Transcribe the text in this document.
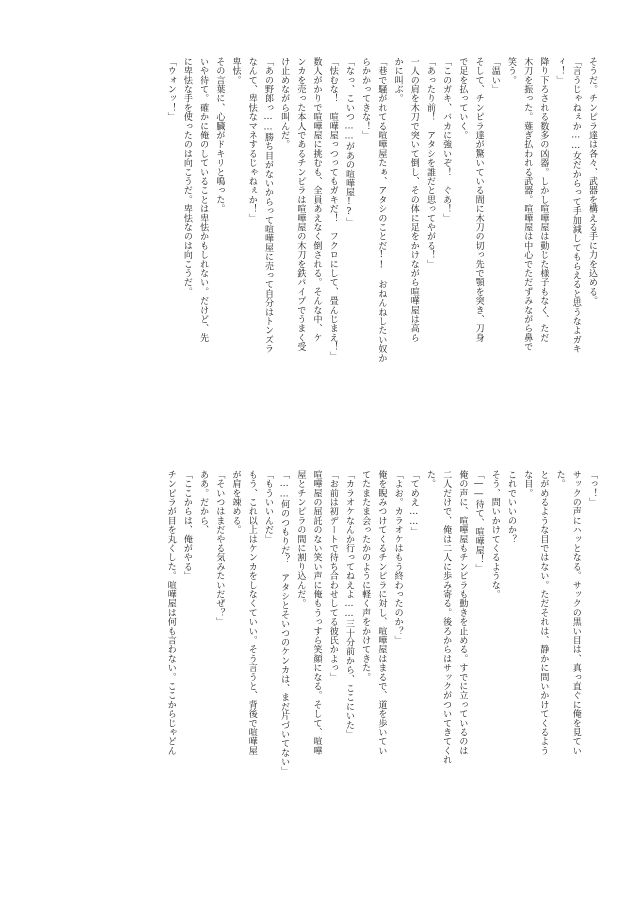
そうだ。チンピラ達は各々、武器を構える手に力を込める。
「言うじゃねぇか……女だからって手加減してもらえると思うなよガキ
ィ！」
降り下ろされる数多の凶器。しかし喧嘩屋は動じた様子もなく、ただ
木刀を振った。薙ぎ払われる武器。喧嘩屋は中心でただずみながら鼻で
笑う。
「温い」
そして、チンピラ達が驚いている間に木刀の切っ先で顎を突き、刀身
で足を払っていく。
「このガキ、バカに強いぞ！　ぐあ！」
「あったり前！　アタシを誰だと思ってやがる！」
一人の肩を木刀で突いて倒し、その体に足をかけながら喧嘩屋は高ら
かに叫ぶ。
「巷で騒がれてる喧嘩屋たぁ、アタシのことだ!!　おねんねしたい奴か
らかかってきな！」
「なっ、こいつ……があの喧嘩屋!?」
「怯むな！　喧嘩屋っつってもガキだ！　フクロにして、畳んじまえ！」
数人がかりで喧嘩屋に挑むも、全員あえなく倒される。そんな中、ケ
ンカを売った本人であるチンピラは喧嘩屋の木刀を鉄パイプでうまく受
け止めながら叫んだ。
「あの野郎っ……勝ち目がないからって喧嘩屋に売って自分はトンズラ
なんて、卑怯なマネするじゃねぇか！」
卑怯。
その言葉に、心臓がドキリと鳴った。
いや待て。確かに俺のしていることは卑怯かもしれない。だけど、先
に卑怯な手を使ったのは向こうだ。卑怯なのは向こうだ。
「ウォンッ！」
「っ！」
サックの声にハッとなる。サックの黒い目は、真っ直ぐに俺を見てい
た。
とがめるような目ではない。ただそれは、静かに問いかけてくるよう
な目。
これでいいのか？
そう、問いかけてくるような。
「――待て、喧嘩屋！」
俺の声に、喧嘩屋もチンピラも動きを止める。すでに立っているのは
二人だけで、俺は二人に歩み寄る。後ろからはサックがついてきてくれ
た。
「てめえ……」
「よお。カラオケはもう終わったのか？」
俺を睨みつけてくるチンピラに対し、喧嘩屋はまるで、道を歩いてい
てたまたま会ったかのように軽く声をかけてきた。
「カラオケなんか行ってねえよ……三十分前から、ここにいた」
「お前は初デートで待ち合わせしてる彼氏かよっ」
喧嘩屋の屈託のない笑い声に俺もうっすら笑顔になる。そして、喧嘩
屋とチンピラの間に割り込んだ。
「……何のつもりだ？　アタシとそいつのケンカは、まだ片づいてない」
「もういいんだ」
もう、これ以上はケンカをしなくていい。そう言うと、背後で喧嘩屋
が肩を竦める。
「そいつはまだやる気みたいだぜ？」
ああ。だから、
「ここからは、俺がやる」
チンピラが目を丸くした。喧嘩屋は何も言わない。ここからじゃどん
